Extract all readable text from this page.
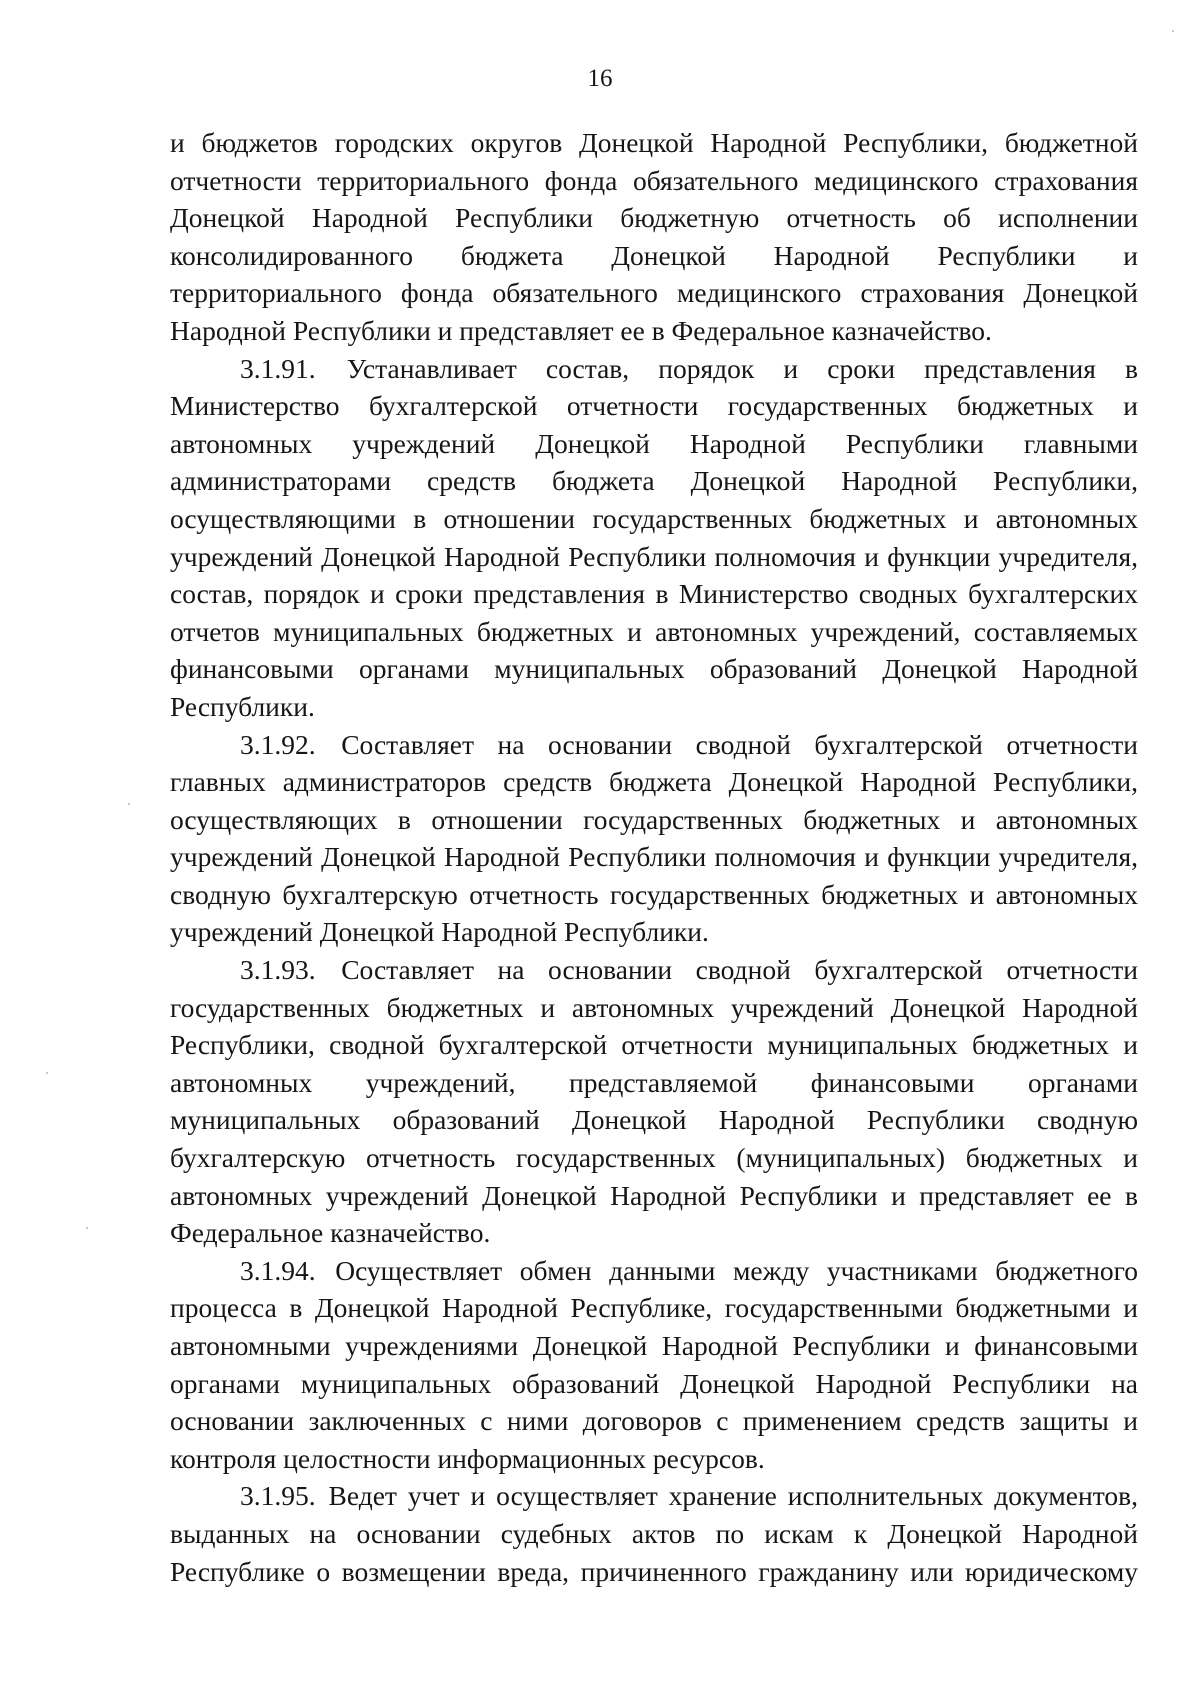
16

и бюджетов городских округов Донецкой Народной Республики, бюджетной отчетности территориального фонда обязательного медицинского страхования Донецкой Народной Республики бюджетную отчетность об исполнении консолидированного бюджета Донецкой Народной Республики и территориального фонда обязательного медицинского страхования Донецкой Народной Республики и представляет ее в Федеральное казначейство.

3.1.91. Устанавливает состав, порядок и сроки представления в Министерство бухгалтерской отчетности государственных бюджетных и автономных учреждений Донецкой Народной Республики главными администраторами средств бюджета Донецкой Народной Республики, осуществляющими в отношении государственных бюджетных и автономных учреждений Донецкой Народной Республики полномочия и функции учредителя, состав, порядок и сроки представления в Министерство сводных бухгалтерских отчетов муниципальных бюджетных и автономных учреждений, составляемых финансовыми органами муниципальных образований Донецкой Народной Республики.

3.1.92. Составляет на основании сводной бухгалтерской отчетности главных администраторов средств бюджета Донецкой Народной Республики, осуществляющих в отношении государственных бюджетных и автономных учреждений Донецкой Народной Республики полномочия и функции учредителя, сводную бухгалтерскую отчетность государственных бюджетных и автономных учреждений Донецкой Народной Республики.

3.1.93. Составляет на основании сводной бухгалтерской отчетности государственных бюджетных и автономных учреждений Донецкой Народной Республики, сводной бухгалтерской отчетности муниципальных бюджетных и автономных учреждений, представляемой финансовыми органами муниципальных образований Донецкой Народной Республики сводную бухгалтерскую отчетность государственных (муниципальных) бюджетных и автономных учреждений Донецкой Народной Республики и представляет ее в Федеральное казначейство.

3.1.94. Осуществляет обмен данными между участниками бюджетного процесса в Донецкой Народной Республике, государственными бюджетными и автономными учреждениями Донецкой Народной Республики и финансовыми органами муниципальных образований Донецкой Народной Республики на основании заключенных с ними договоров с применением средств защиты и контроля целостности информационных ресурсов.

3.1.95. Ведет учет и осуществляет хранение исполнительных документов, выданных на основании судебных актов по искам к Донецкой Народной Республике о возмещении вреда, причиненного гражданину или юридическому
